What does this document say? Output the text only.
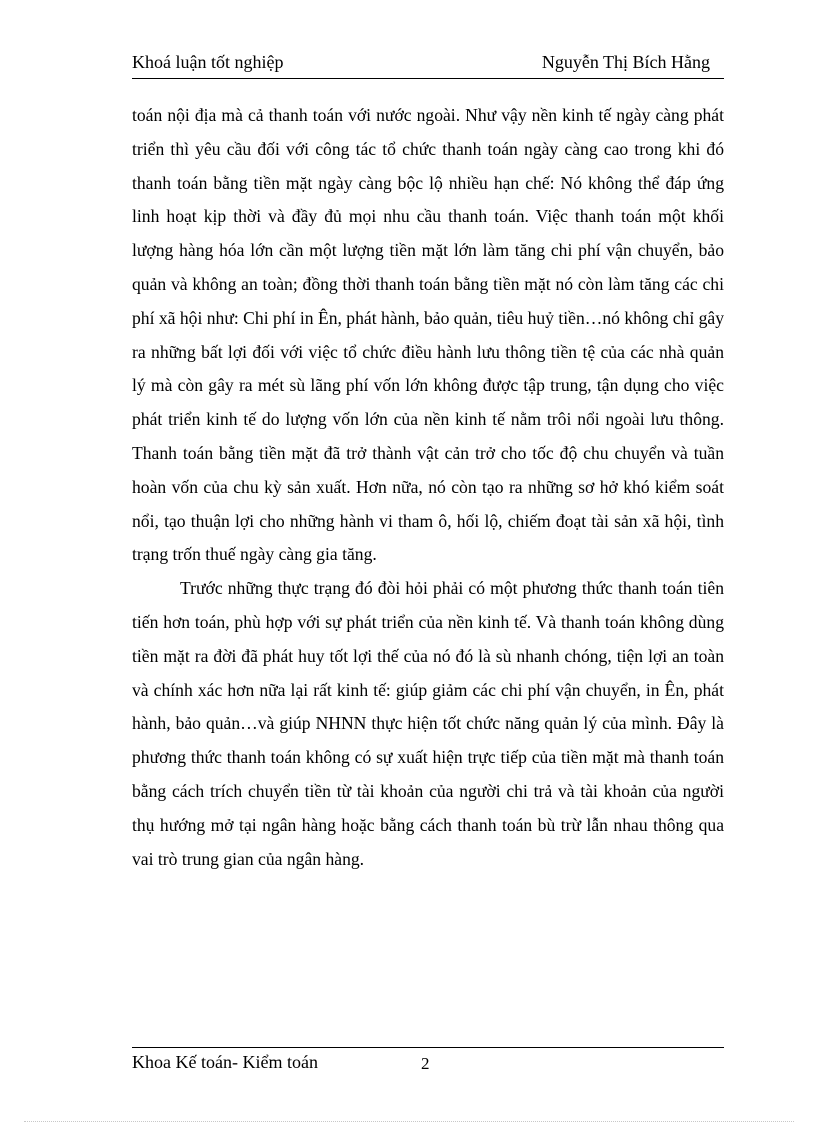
Khoá luận tốt nghiệp	Nguyễn Thị Bích Hằng

toán nội địa mà cả thanh toán với nước ngoài. Như vậy nền kinh tế ngày càng phát triển thì yêu cầu đối với công tác tổ chức thanh toán ngày càng cao trong khi đó thanh toán bằng tiền mặt ngày càng bộc lộ nhiều hạn chế: Nó không thể đáp ứng linh hoạt kịp thời và đầy đủ mọi nhu cầu thanh toán. Việc thanh toán một khối lượng hàng hóa lớn cần một lượng tiền mặt lớn làm tăng chi phí vận chuyển, bảo quản và không an toàn; đồng thời thanh toán bằng tiền mặt nó còn làm tăng các chi phí xã hội như: Chi phí in Ên, phát hành, bảo quản, tiêu huỷ tiền…nó không chỉ gây ra những bất lợi đối với việc tổ chức điều hành lưu thông tiền tệ của các nhà quản lý mà còn gây ra mét sù lãng phí vốn lớn không được tập trung, tận dụng cho việc phát triển kinh tế do lượng vốn lớn của nền kinh tế nằm trôi nổi ngoài lưu thông. Thanh toán bằng tiền mặt đã trở thành vật cản trở cho tốc độ chu chuyển và tuần hoàn vốn của chu kỳ sản xuất. Hơn nữa, nó còn tạo ra những sơ hở khó kiểm soát nổi, tạo thuận lợi cho những hành vi tham ô, hối lộ, chiếm đoạt tài sản xã hội, tình trạng trốn thuế ngày càng gia tăng.

Trước những thực trạng đó đòi hỏi phải có một phương thức thanh toán tiên tiến hơn toán, phù hợp với sự phát triển của nền kinh tế. Và thanh toán không dùng tiền mặt ra đời đã phát huy tốt lợi thế của nó đó là sù nhanh chóng, tiện lợi an toàn và chính xác hơn nữa lại rất kinh tế: giúp giảm các chi phí vận chuyển, in Ên, phát hành, bảo quản…và giúp NHNN thực hiện tốt chức năng quản lý của mình. Đây là phương thức thanh toán không có sự xuất hiện trực tiếp của tiền mặt mà thanh toán bằng cách trích chuyển tiền từ tài khoản của người chi trả và tài khoản của người thụ hướng mở tại ngân hàng hoặc bằng cách thanh toán bù trừ lẫn nhau thông qua vai trò trung gian của ngân hàng.

Khoa Kế toán- Kiểm toán	2
